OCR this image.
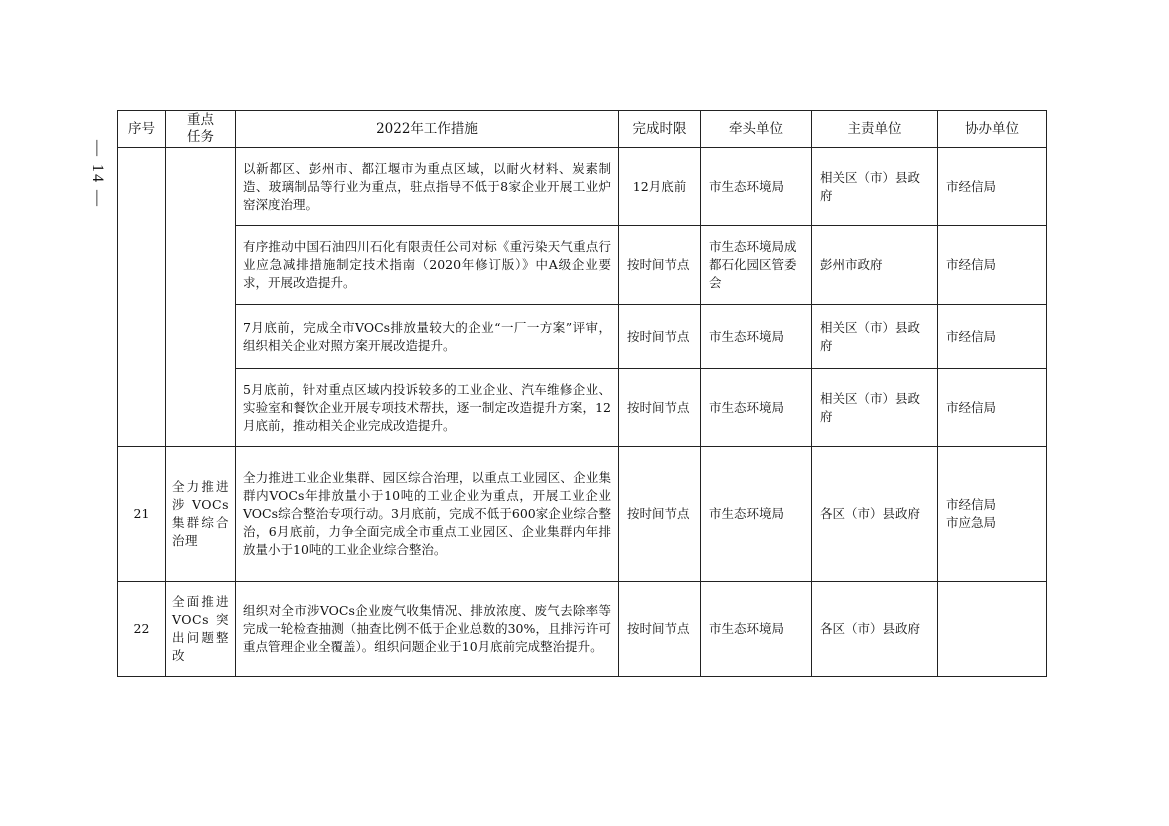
— 14 —
序号	重点任务	2022年工作措施	完成时限	牵头单位	主责单位	协办单位
		以新都区、彭州市、都江堰市为重点区域，以耐火材料、炭素制造、玻璃制品等行业为重点，驻点指导不低于8家企业开展工业炉窑深度治理。	12月底前	市生态环境局	相关区（市）县政府	市经信局
		有序推动中国石油四川石化有限责任公司对标《重污染天气重点行业应急减排措施制定技术指南（2020年修订版）》中A级企业要求，开展改造提升。	按时间节点	市生态环境局成都石化园区管委会	彭州市政府	市经信局
		7月底前，完成全市VOCs排放量较大的企业“一厂一方案”评审，组织相关企业对照方案开展改造提升。	按时间节点	市生态环境局	相关区（市）县政府	市经信局
		5月底前，针对重点区域内投诉较多的工业企业、汽车维修企业、实验室和餐饮企业开展专项技术帮扶，逐一制定改造提升方案，12月底前，推动相关企业完成改造提升。	按时间节点	市生态环境局	相关区（市）县政府	市经信局
21	全力推进涉VOCs集群综合治理	全力推进工业企业集群、园区综合治理，以重点工业园区、企业集群内VOCs年排放量小于10吨的工业企业为重点，开展工业企业VOCs综合整治专项行动。3月底前，完成不低于600家企业综合整治，6月底前，力争全面完成全市重点工业园区、企业集群内年排放量小于10吨的工业企业综合整治。	按时间节点	市生态环境局	各区（市）县政府	市经信局
市应急局
22	全面推进VOCs突出问题整改	组织对全市涉VOCs企业废气收集情况、排放浓度、废气去除率等完成一轮检查抽测（抽查比例不低于企业总数的30%，且排污许可重点管理企业全覆盖）。组织问题企业于10月底前完成整治提升。	按时间节点	市生态环境局	各区（市）县政府	
